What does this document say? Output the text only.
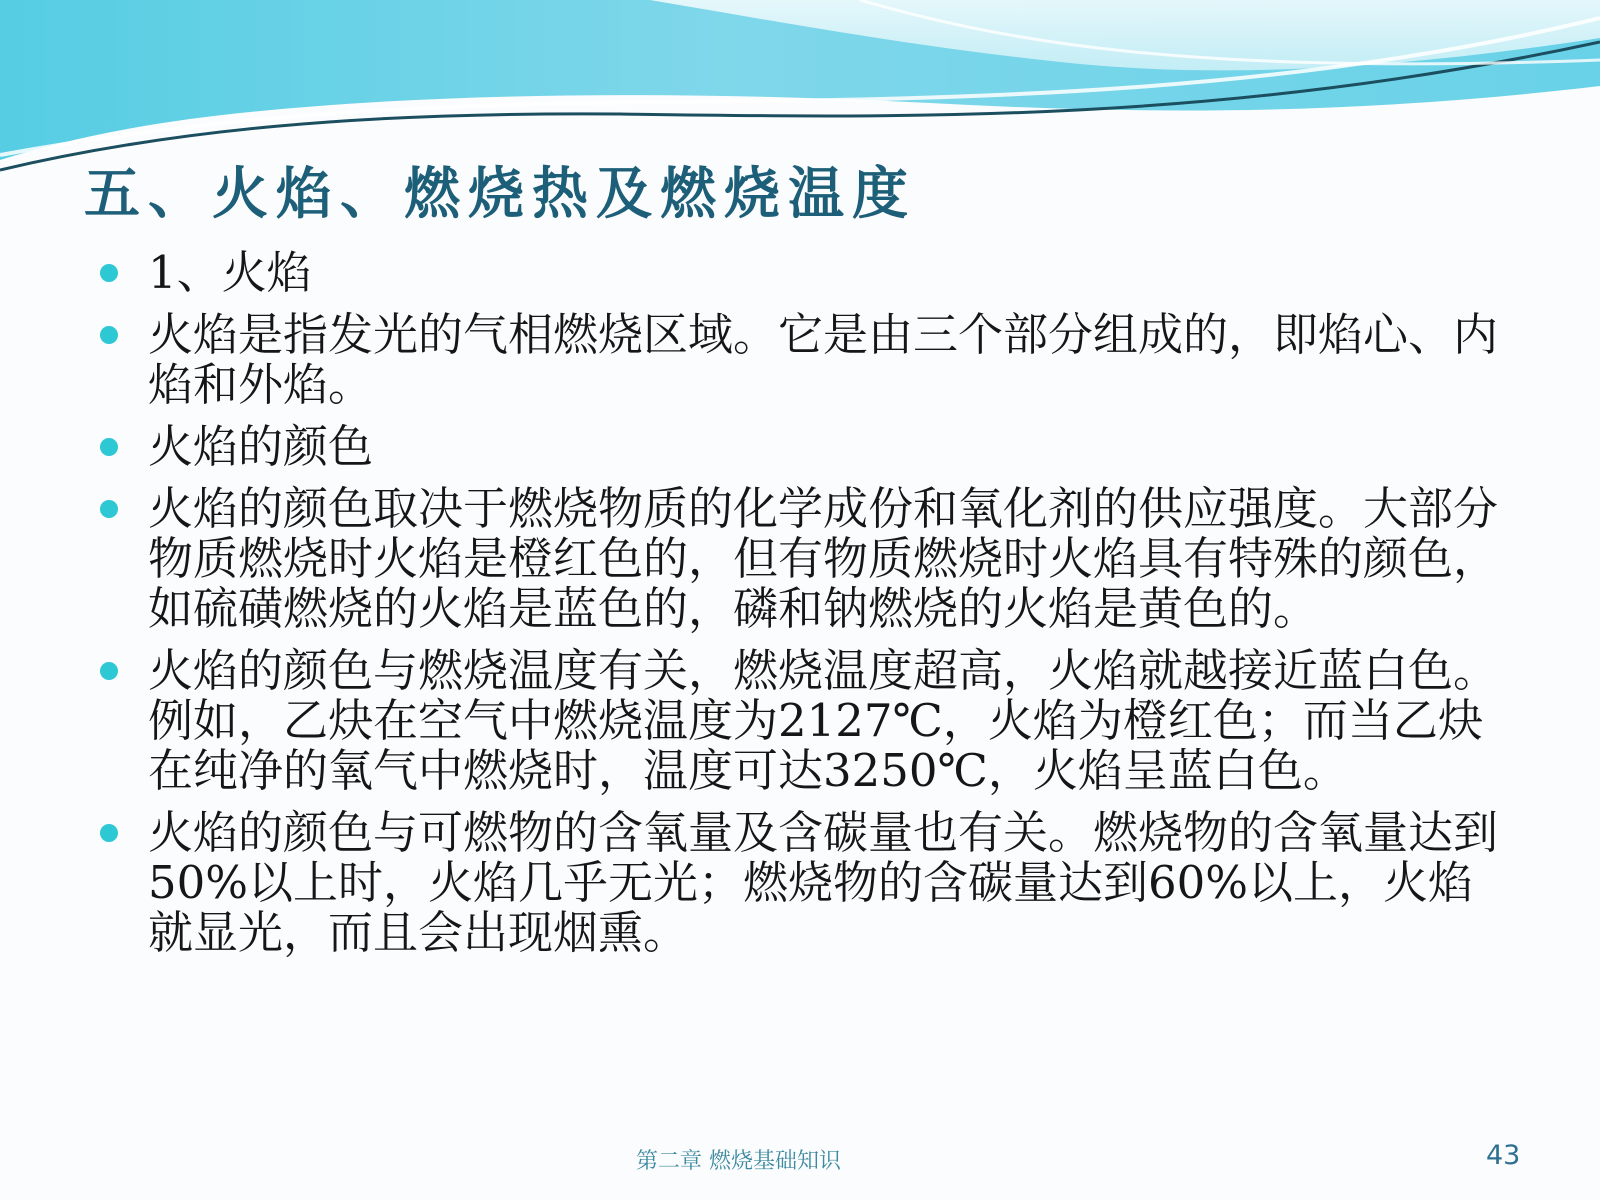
五、火焰、燃烧热及燃烧温度
1、火焰
火焰是指发光的气相燃烧区域。它是由三个部分组成的，即焰心、内焰和外焰。
火焰的颜色
火焰的颜色取决于燃烧物质的化学成份和氧化剂的供应强度。大部分物质燃烧时火焰是橙红色的，但有物质燃烧时火焰具有特殊的颜色，如硫磺燃烧的火焰是蓝色的，磷和钠燃烧的火焰是黄色的。
火焰的颜色与燃烧温度有关，燃烧温度超高，火焰就越接近蓝白色。例如，乙炔在空气中燃烧温度为2127℃，火焰为橙红色；而当乙炔在纯净的氧气中燃烧时，温度可达3250℃，火焰呈蓝白色。
火焰的颜色与可燃物的含氧量及含碳量也有关。燃烧物的含氧量达到50%以上时，火焰几乎无光；燃烧物的含碳量达到60%以上，火焰就显光，而且会出现烟熏。
第二章 燃烧基础知识	43
